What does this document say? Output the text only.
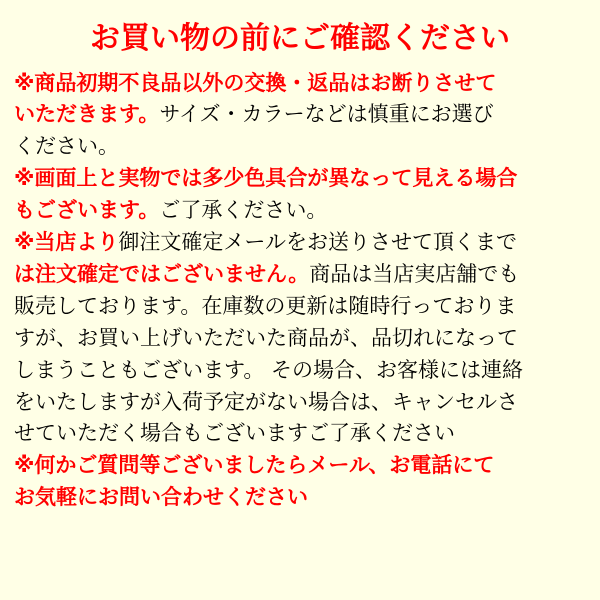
お買い物の前にご確認ください

※商品初期不良品以外の交換・返品はお断りさせて

いただきます。サイズ・カラーなどは慎重にお選び

ください。

※画面上と実物では多少色具合が異なって見える場合

もございます。ご了承ください。

※当店より御注文確定メールをお送りさせて頂くまで

は注文確定ではございません。商品は当店実店舗でも

販売しております。在庫数の更新は随時行っておりま

すが、お買い上げいただいた商品が、品切れになって

しまうこともございます。 その場合、お客様には連絡

をいたしますが入荷予定がない場合は、キャンセルさ

せていただく場合もございますご了承ください

※何かご質問等ございましたらメール、お電話にて

お気軽にお問い合わせください
